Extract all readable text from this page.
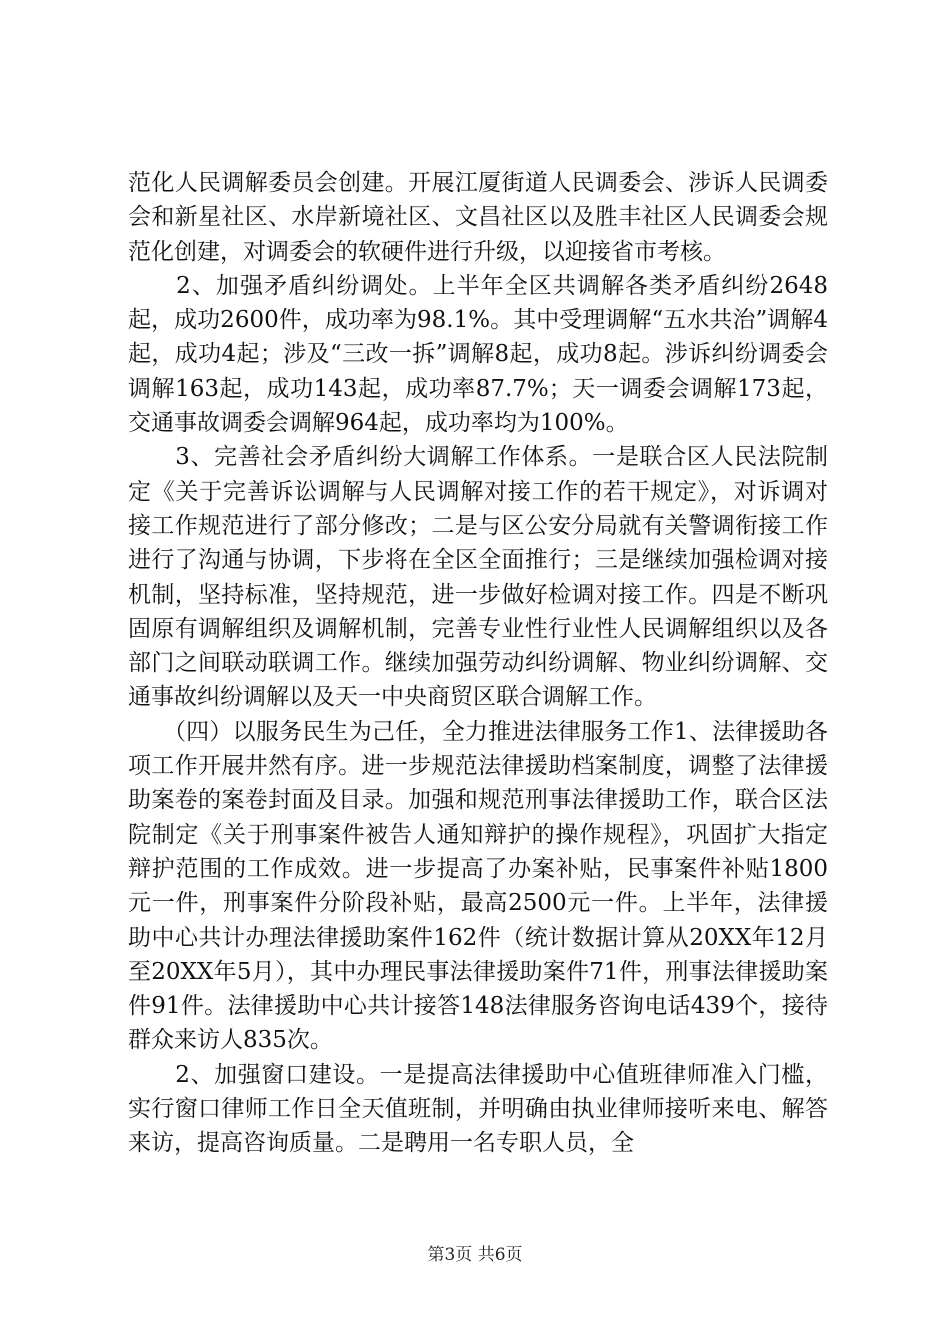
范化人民调解委员会创建。开展江厦街道人民调委会、涉诉人民调委会和新星社区、水岸新境社区、文昌社区以及胜丰社区人民调委会规范化创建，对调委会的软硬件进行升级，以迎接省市考核。

　　2、加强矛盾纠纷调处。上半年全区共调解各类矛盾纠纷2648起，成功2600件，成功率为98.1%。其中受理调解“五水共治”调解4起，成功4起；涉及“三改一拆”调解8起，成功8起。涉诉纠纷调委会调解163起，成功143起，成功率87.7%；天一调委会调解173起，交通事故调委会调解964起，成功率均为100%。

　　3、完善社会矛盾纠纷大调解工作体系。一是联合区人民法院制定《关于完善诉讼调解与人民调解对接工作的若干规定》，对诉调对接工作规范进行了部分修改；二是与区公安分局就有关警调衔接工作进行了沟通与协调，下步将在全区全面推行；三是继续加强检调对接机制，坚持标准，坚持规范，进一步做好检调对接工作。四是不断巩固原有调解组织及调解机制，完善专业性行业性人民调解组织以及各部门之间联动联调工作。继续加强劳动纠纷调解、物业纠纷调解、交通事故纠纷调解以及天一中央商贸区联合调解工作。

　　（四）以服务民生为己任，全力推进法律服务工作1、法律援助各项工作开展井然有序。进一步规范法律援助档案制度，调整了法律援助案卷的案卷封面及目录。加强和规范刑事法律援助工作，联合区法院制定《关于刑事案件被告人通知辩护的操作规程》，巩固扩大指定辩护范围的工作成效。进一步提高了办案补贴，民事案件补贴1800元一件，刑事案件分阶段补贴，最高2500元一件。上半年，法律援助中心共计办理法律援助案件162件（统计数据计算从20XX年12月至20XX年5月），其中办理民事法律援助案件71件，刑事法律援助案件91件。法律援助中心共计接答148法律服务咨询电话439个，接待群众来访人835次。

　　2、加强窗口建设。一是提高法律援助中心值班律师准入门槛，实行窗口律师工作日全天值班制，并明确由执业律师接听来电、解答来访，提高咨询质量。二是聘用一名专职人员，全

第3页 共6页
